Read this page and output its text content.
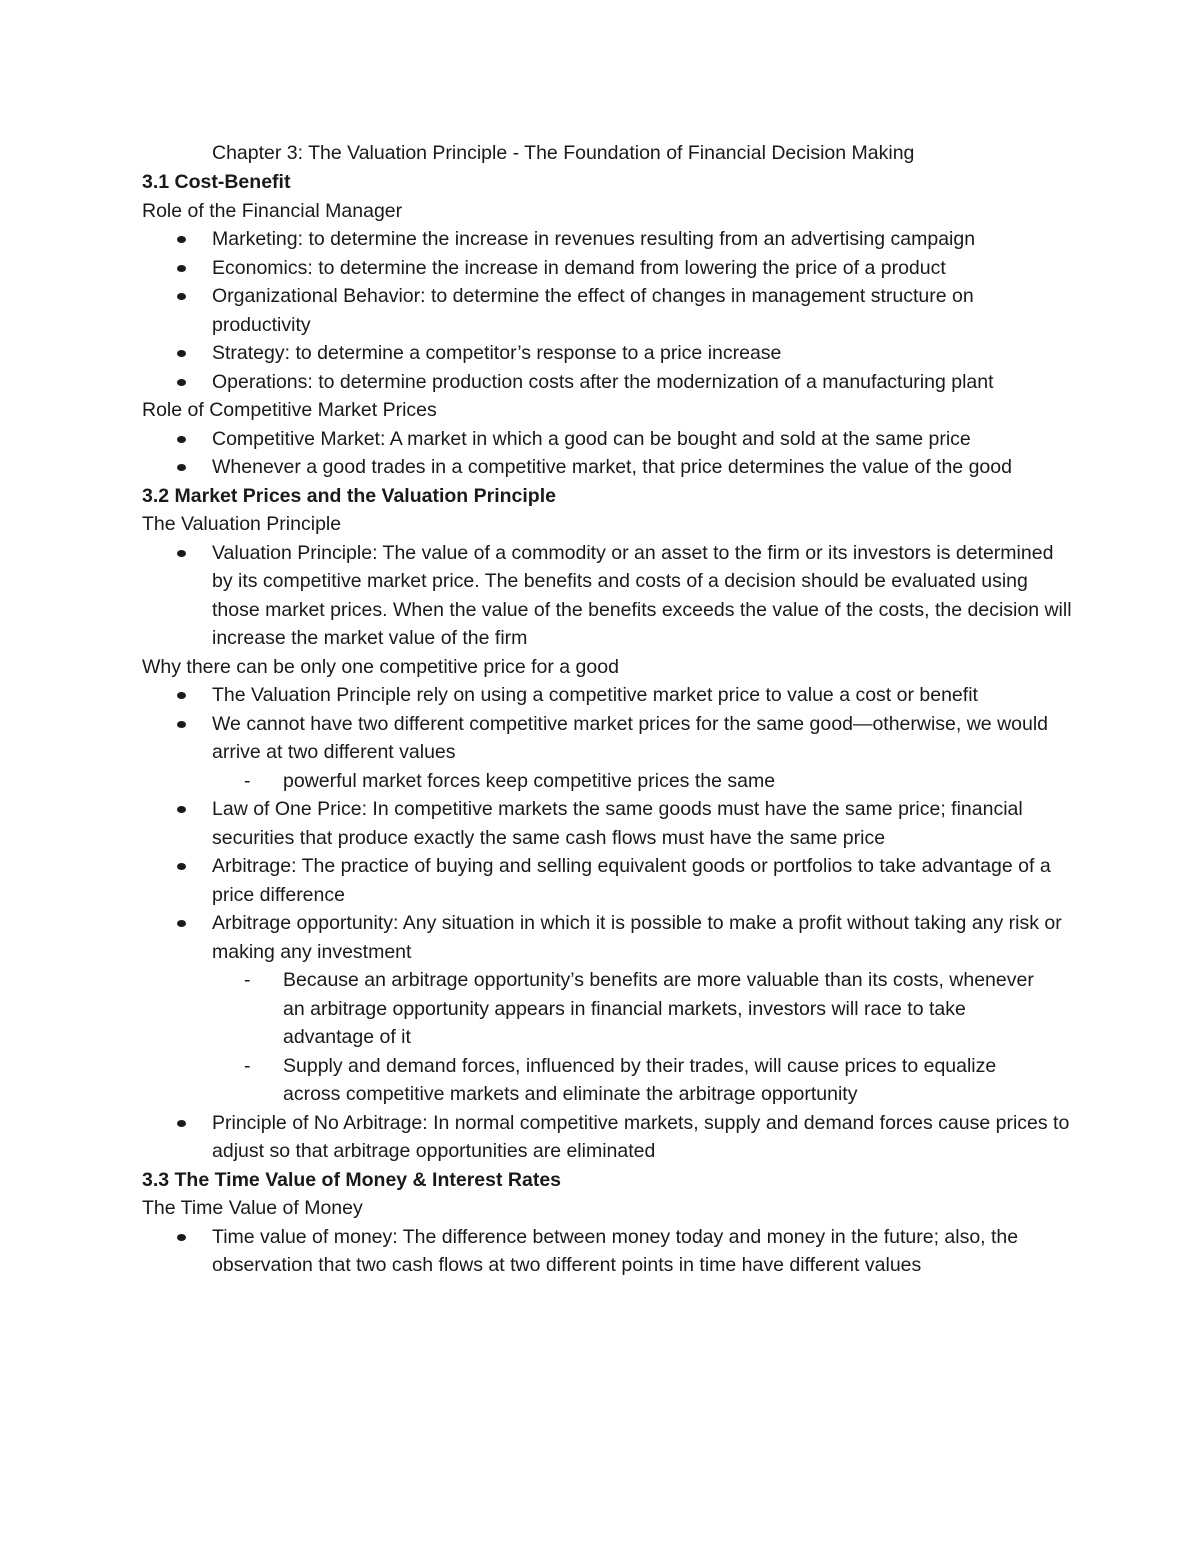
Chapter 3: The Valuation Principle - The Foundation of Financial Decision Making
3.1 Cost-Benefit
Role of the Financial Manager
Marketing: to determine the increase in revenues resulting from an advertising campaign
Economics: to determine the increase in demand from lowering the price of a product
Organizational Behavior: to determine the effect of changes in management structure on productivity
Strategy: to determine a competitor’s response to a price increase
Operations: to determine production costs after the modernization of a manufacturing plant
Role of Competitive Market Prices
Competitive Market: A market in which a good can be bought and sold at the same price
Whenever a good trades in a competitive market, that price determines the value of the good
3.2 Market Prices and the Valuation Principle
The Valuation Principle
Valuation Principle: The value of a commodity or an asset to the firm or its investors is determined by its competitive market price. The benefits and costs of a decision should be evaluated using those market prices. When the value of the benefits exceeds the value of the costs, the decision will increase the market value of the firm
Why there can be only one competitive price for a good
The Valuation Principle rely on using a competitive market price to value a cost or benefit
We cannot have two different competitive market prices for the same good—otherwise, we would arrive at two different values
- powerful market forces keep competitive prices the same
Law of One Price: In competitive markets the same goods must have the same price; financial securities that produce exactly the same cash flows must have the same price
Arbitrage: The practice of buying and selling equivalent goods or portfolios to take advantage of a price difference
Arbitrage opportunity: Any situation in which it is possible to make a profit without taking any risk or making any investment
- Because an arbitrage opportunity’s benefits are more valuable than its costs, whenever an arbitrage opportunity appears in financial markets, investors will race to take advantage of it
- Supply and demand forces, influenced by their trades, will cause prices to equalize across competitive markets and eliminate the arbitrage opportunity
Principle of No Arbitrage: In normal competitive markets, supply and demand forces cause prices to adjust so that arbitrage opportunities are eliminated
3.3 The Time Value of Money & Interest Rates
The Time Value of Money
Time value of money: The difference between money today and money in the future; also, the observation that two cash flows at two different points in time have different values
